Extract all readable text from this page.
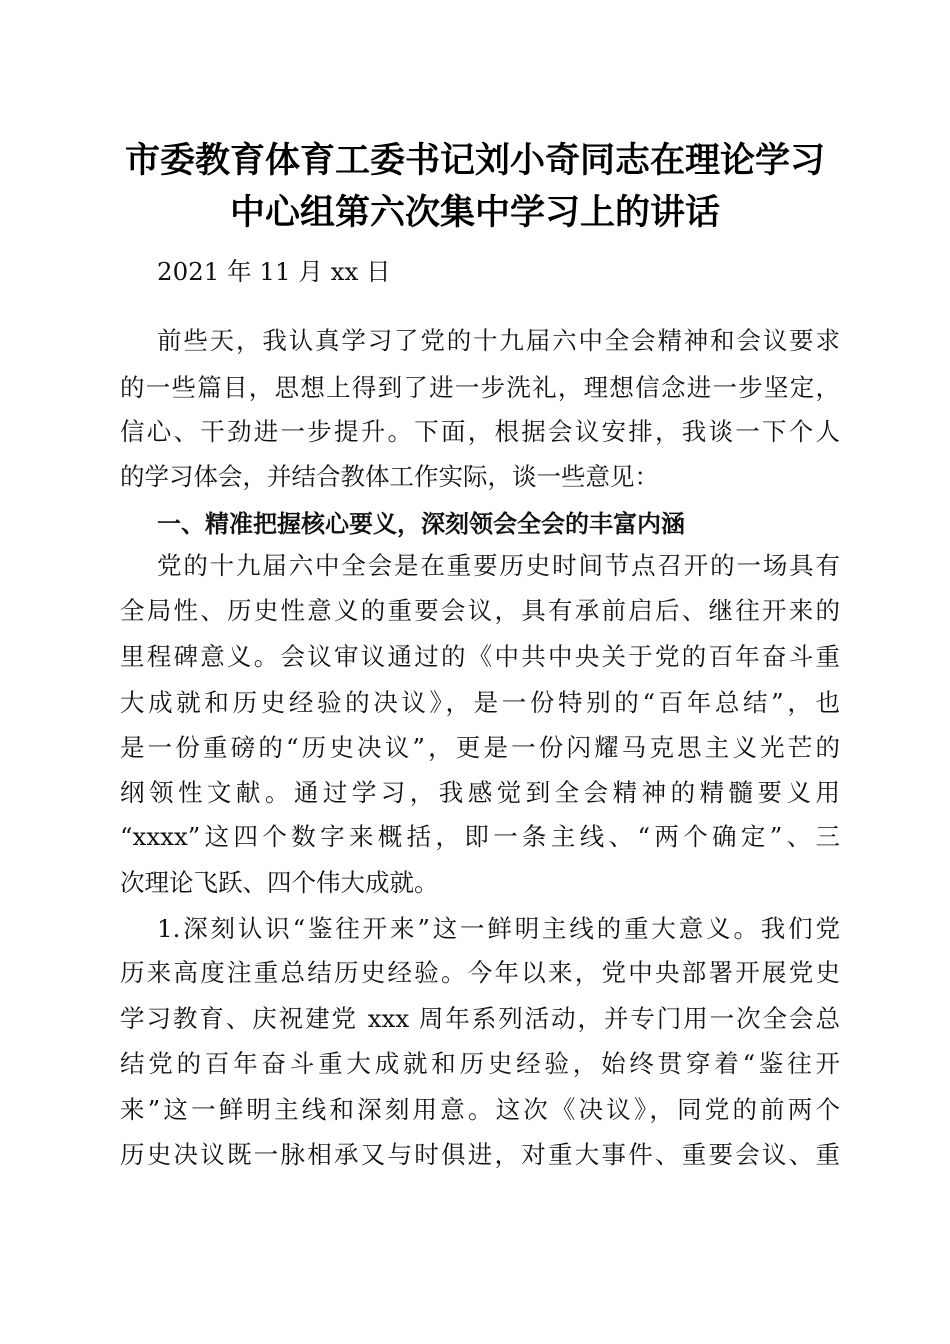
市委教育体育工委书记刘小奇同志在理论学习
中心组第六次集中学习上的讲话
2021 年 11 月 xx 日
前些天，我认真学习了党的十九届六中全会精神和会议要求
的一些篇目，思想上得到了进一步洗礼，理想信念进一步坚定，
信心、干劲进一步提升。下面，根据会议安排，我谈一下个人
的学习体会，并结合教体工作实际，谈一些意见：
一、精准把握核心要义，深刻领会全会的丰富内涵
党的十九届六中全会是在重要历史时间节点召开的一场具有
全局性、历史性意义的重要会议，具有承前启后、继往开来的
里程碑意义。会议审议通过的《中共中央关于党的百年奋斗重
大成就和历史经验的决议》，是一份特别的“百年总结”，也
是一份重磅的“历史决议”，更是一份闪耀马克思主义光芒的
纲领性文献。通过学习，我感觉到全会精神的精髓要义用
“xxxx”这四个数字来概括，即一条主线、“两个确定”、三
次理论飞跃、四个伟大成就。
1.深刻认识“鉴往开来”这一鲜明主线的重大意义。我们党
历来高度注重总结历史经验。今年以来，党中央部署开展党史
学习教育、庆祝建党 xxx 周年系列活动，并专门用一次全会总
结党的百年奋斗重大成就和历史经验，始终贯穿着“鉴往开
来”这一鲜明主线和深刻用意。这次《决议》，同党的前两个
历史决议既一脉相承又与时俱进，对重大事件、重要会议、重
